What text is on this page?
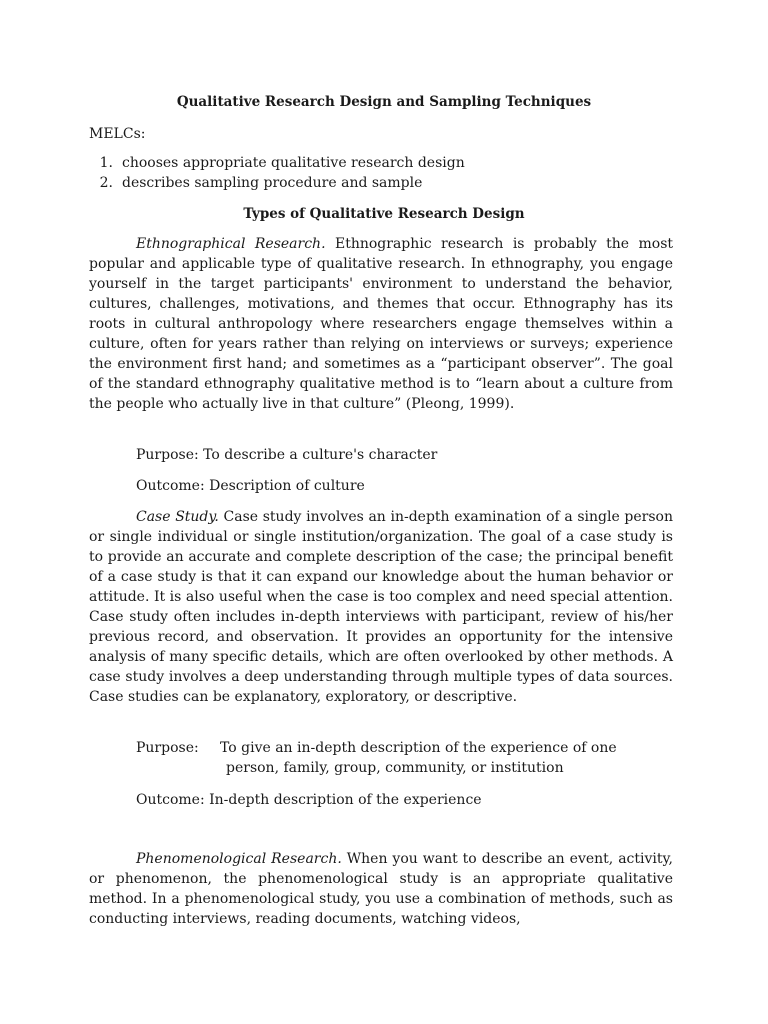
Qualitative Research Design and Sampling Techniques
MELCs:
1. chooses appropriate qualitative research design
2. describes sampling procedure and sample
Types of Qualitative Research Design

Ethnographical Research. Ethnographic research is probably the most popular and applicable type of qualitative research. In ethnography, you engage yourself in the target participants' environment to understand the behavior, cultures, challenges, motivations, and themes that occur. Ethnography has its roots in cultural anthropology where researchers engage themselves within a culture, often for years rather than relying on interviews or surveys; experience the environment first hand; and sometimes as a “participant observer”. The goal of the standard ethnography qualitative method is to “learn about a culture from the people who actually live in that culture” (Pleong, 1999).

Purpose: To describe a culture's character
Outcome: Description of culture

Case Study. Case study involves an in-depth examination of a single person or single individual or single institution/organization. The goal of a case study is to provide an accurate and complete description of the case; the principal benefit of a case study is that it can expand our knowledge about the human behavior or attitude. It is also useful when the case is too complex and need special attention. Case study often includes in-depth interviews with participant, review of his/her previous record, and observation. It provides an opportunity for the intensive analysis of many specific details, which are often overlooked by other methods. A case study involves a deep understanding through multiple types of data sources. Case studies can be explanatory, exploratory, or descriptive.

Purpose:	To give an in-depth description of the experience of one
person, family, group, community, or institution
Outcome: In-depth description of the experience

Phenomenological Research. When you want to describe an event, activity, or phenomenon, the phenomenological study is an appropriate qualitative method. In a phenomenological study, you use a combination of methods, such as conducting interviews, reading documents, watching videos,
